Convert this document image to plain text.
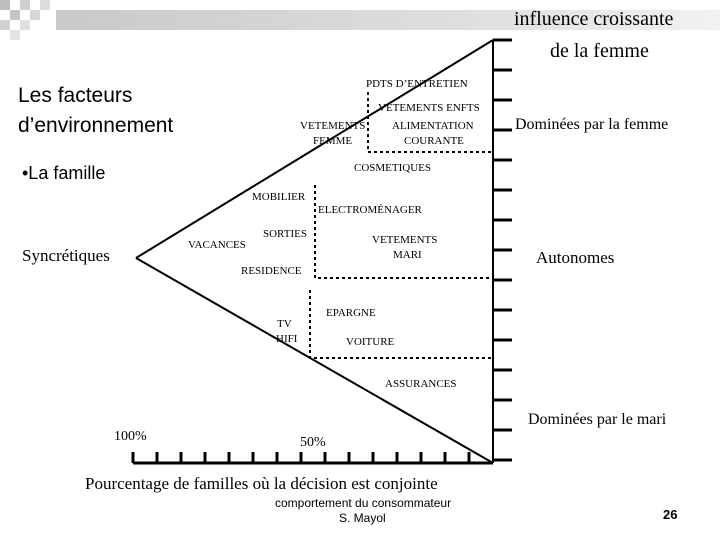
Les facteurs
d’environnement
•La famille
influence croissante
de la femme
Dominées par la femme
Autonomes
Dominées par le mari
Syncrétiques
100%	50%
Pourcentage de familles où la décision est conjointe
comportement du consommateur
S. Mayol	26
PDTS D’ENTRETIEN
VETEMENTS ENFTS
VETEMENTS
FEMME
ALIMENTATION
COURANTE
COSMETIQUES
MOBILIER
ELECTROMÉNAGER
VACANCES
SORTIES	VETEMENTS
MARI
RESIDENCE
EPARGNE
TV
HIFI	VOITURE
ASSURANCES
